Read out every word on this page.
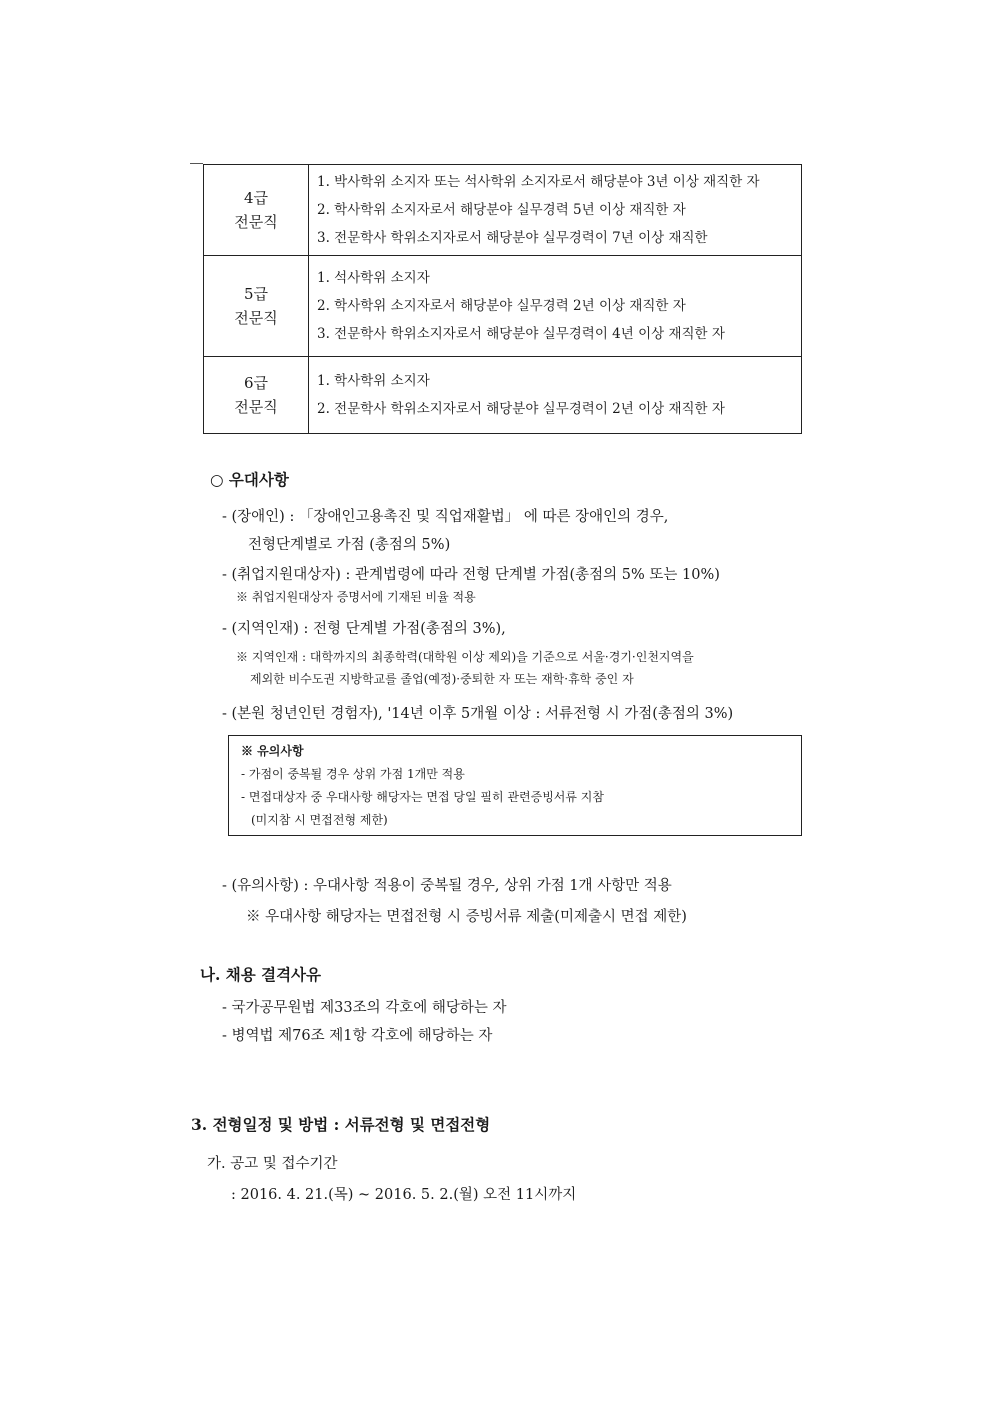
4급
전문직
1. 박사학위 소지자 또는 석사학위 소지자로서 해당분야 3년 이상 재직한 자
2. 학사학위 소지자로서 해당분야 실무경력 5년 이상 재직한 자
3. 전문학사 학위소지자로서 해당분야 실무경력이 7년 이상 재직한
5급
전문직
1. 석사학위 소지자
2. 학사학위 소지자로서 해당분야 실무경력 2년 이상 재직한 자
3. 전문학사 학위소지자로서 해당분야 실무경력이 4년 이상 재직한 자
6급
전문직
1. 학사학위 소지자
2. 전문학사 학위소지자로서 해당분야 실무경력이 2년 이상 재직한 자
○ 우대사항
- (장애인) : 「장애인고용촉진 및 직업재활법」 에 따른 장애인의 경우,
전형단계별로 가점 (총점의 5%)
- (취업지원대상자) : 관계법령에 따라 전형 단계별 가점(총점의 5% 또는 10%)
※ 취업지원대상자 증명서에 기재된 비율 적용
- (지역인재) : 전형 단계별 가점(총점의 3%),
※ 지역인재 : 대학까지의 최종학력(대학원 이상 제외)을 기준으로 서울·경기·인천지역을
제외한 비수도권 지방학교를 졸업(예정)·중퇴한 자 또는 재학·휴학 중인 자
- (본원 청년인턴 경험자), '14년 이후 5개월 이상 : 서류전형 시 가점(총점의 3%)
※ 유의사항
- 가점이 중복될 경우 상위 가점 1개만 적용
- 면접대상자 중 우대사항 해당자는 면접 당일 필히 관련증빙서류 지참
(미지참 시 면접전형 제한)
- (유의사항) : 우대사항 적용이 중복될 경우, 상위 가점 1개 사항만 적용
※ 우대사항 해당자는 면접전형 시 증빙서류 제출(미제출시 면접 제한)
나. 채용 결격사유
- 국가공무원법 제33조의 각호에 해당하는 자
- 병역법 제76조 제1항 각호에 해당하는 자
3. 전형일정 및 방법 : 서류전형 및 면접전형
가. 공고 및 접수기간
: 2016. 4. 21.(목) ~ 2016. 5. 2.(월) 오전 11시까지
